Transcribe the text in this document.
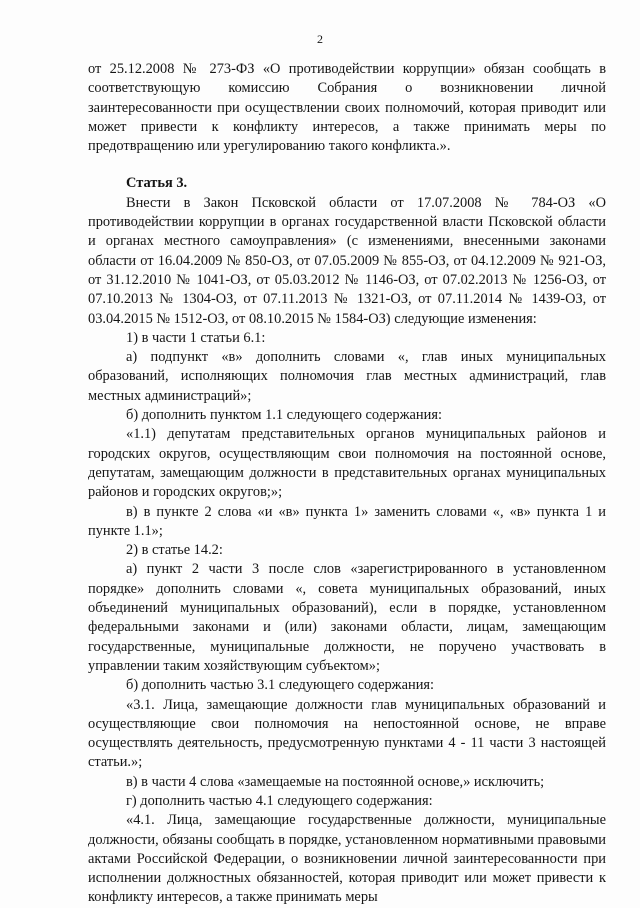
2

от 25.12.2008 № 273-ФЗ «О противодействии коррупции» обязан сообщать в соответствующую комиссию Собрания о возникновении личной заинтересованности при осуществлении своих полномочий, которая приводит или может привести к конфликту интересов, а также принимать меры по предотвращению или урегулированию такого конфликта.».

Статья 3.

Внести в Закон Псковской области от 17.07.2008 № 784-ОЗ «О противодействии коррупции в органах государственной власти Псковской области и органах местного самоуправления» (с изменениями, внесенными законами области от 16.04.2009 № 850-ОЗ, от 07.05.2009 № 855-ОЗ, от 04.12.2009 № 921-ОЗ, от 31.12.2010 № 1041-ОЗ, от 05.03.2012 № 1146-ОЗ, от 07.02.2013 № 1256-ОЗ, от 07.10.2013 № 1304-ОЗ, от 07.11.2013 № 1321-ОЗ, от 07.11.2014 № 1439-ОЗ, от 03.04.2015 № 1512-ОЗ, от 08.10.2015 № 1584-ОЗ) следующие изменения:

1) в части 1 статьи 6.1:

а) подпункт «в» дополнить словами «, глав иных муниципальных образований, исполняющих полномочия глав местных администраций, глав местных администраций»;

б) дополнить пунктом 1.1 следующего содержания:

«1.1) депутатам представительных органов муниципальных районов и городских округов, осуществляющим свои полномочия на постоянной основе, депутатам, замещающим должности в представительных органах муниципальных районов и городских округов;»;

в) в пункте 2 слова «и «в» пункта 1» заменить словами «, «в» пункта 1 и пункте 1.1»;

2) в статье 14.2:

а) пункт 2 части 3 после слов «зарегистрированного в установленном порядке» дополнить словами «, совета муниципальных образований, иных объединений муниципальных образований), если в порядке, установленном федеральными законами и (или) законами области, лицам, замещающим государственные, муниципальные должности, не поручено участвовать в управлении таким хозяйствующим субъектом»;

б) дополнить частью 3.1 следующего содержания:

«3.1. Лица, замещающие должности глав муниципальных образований и осуществляющие свои полномочия на непостоянной основе, не вправе осуществлять деятельность, предусмотренную пунктами 4 - 11 части 3 настоящей статьи.»;

в) в части 4 слова «замещаемые на постоянной основе,» исключить;

г) дополнить частью 4.1 следующего содержания:

«4.1. Лица, замещающие государственные должности, муниципальные должности, обязаны сообщать в порядке, установленном нормативными правовыми актами Российской Федерации, о возникновении личной заинтересованности при исполнении должностных обязанностей, которая приводит или может привести к конфликту интересов, а также принимать меры
